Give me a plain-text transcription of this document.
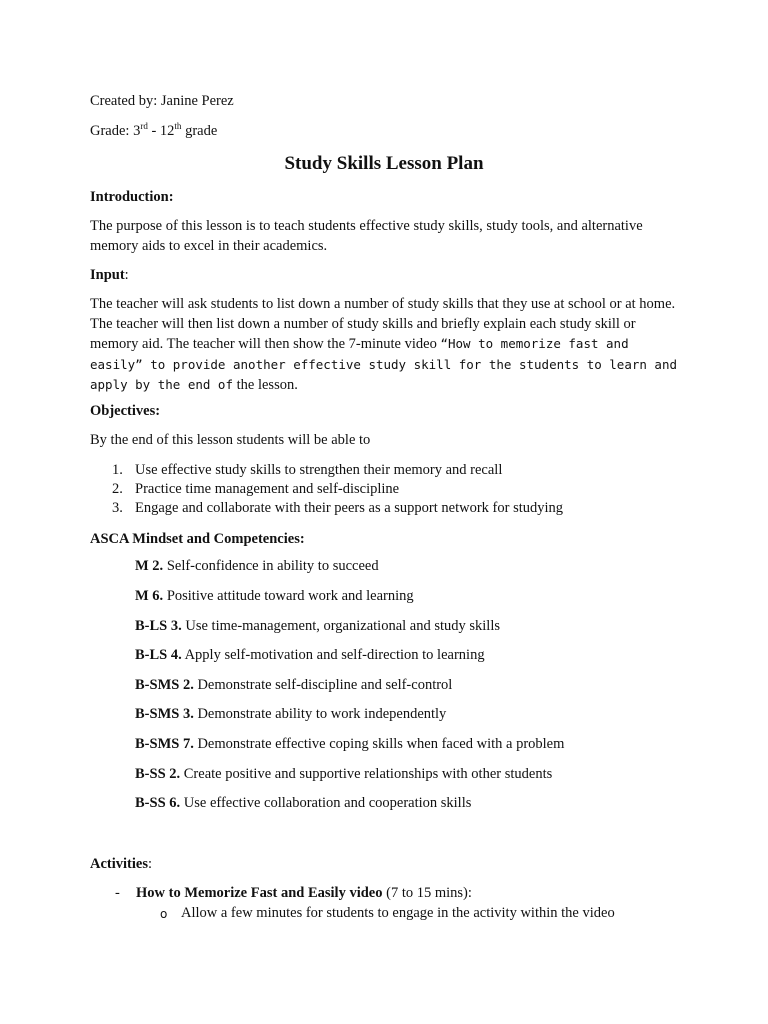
Created by: Janine Perez
Grade: 3rd - 12th grade
Study Skills Lesson Plan
Introduction:
The purpose of this lesson is to teach students effective study skills, study tools, and alternative memory aids to excel in their academics.
Input:
The teacher will ask students to list down a number of study skills that they use at school or at home. The teacher will then list down a number of study skills and briefly explain each study skill or memory aid. The teacher will then show the 7-minute video “How to memorize fast and easily” to provide another effective study skill for the students to learn and apply by the end of the lesson.
Objectives:
By the end of this lesson students will be able to
1. Use effective study skills to strengthen their memory and recall
2. Practice time management and self-discipline
3. Engage and collaborate with their peers as a support network for studying
ASCA Mindset and Competencies:
M 2. Self-confidence in ability to succeed
M 6. Positive attitude toward work and learning
B-LS 3. Use time-management, organizational and study skills
B-LS 4. Apply self-motivation and self-direction to learning
B-SMS 2. Demonstrate self-discipline and self-control
B-SMS 3. Demonstrate ability to work independently
B-SMS 7. Demonstrate effective coping skills when faced with a problem
B-SS 2. Create positive and supportive relationships with other students
B-SS 6. Use effective collaboration and cooperation skills
Activities:
- How to Memorize Fast and Easily video (7 to 15 mins):
o Allow a few minutes for students to engage in the activity within the video
